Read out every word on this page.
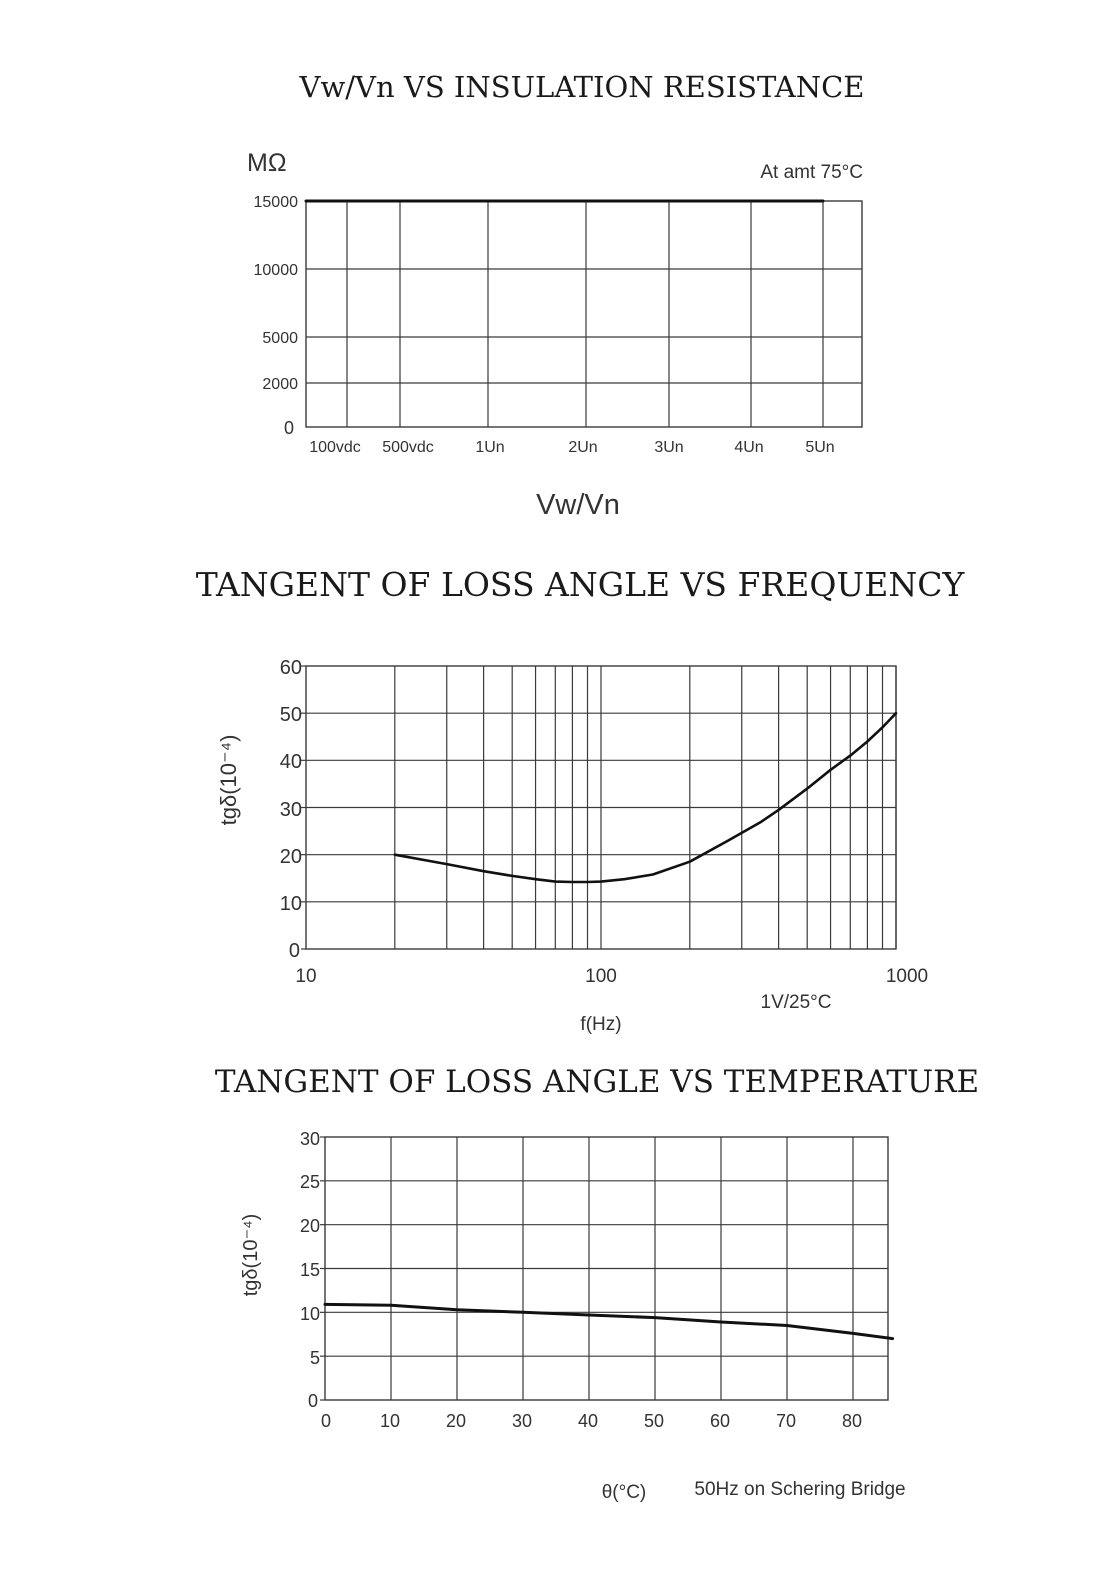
Vw/Vn VS INSULATION RESISTANCE
MΩ	At amt 75°C
Vw/Vn
15000
10000
5000
2000
0
100vdc 500vdc	1Un	2Un	3Un	4Un	5Un
TANGENT OF LOSS ANGLE VS FREQUENCY
tgδ(10⁻⁴)
1V/25°C
f(Hz)
60
50
40
30
20
10
0
10	100	1000
TANGENT OF LOSS ANGLE VS TEMPERATURE
tgδ(10⁻⁴)
θ(°C)	50Hz on Schering Bridge
30
25
20
15
10
5
0
0	10	20	30	40	50	60	70	80
